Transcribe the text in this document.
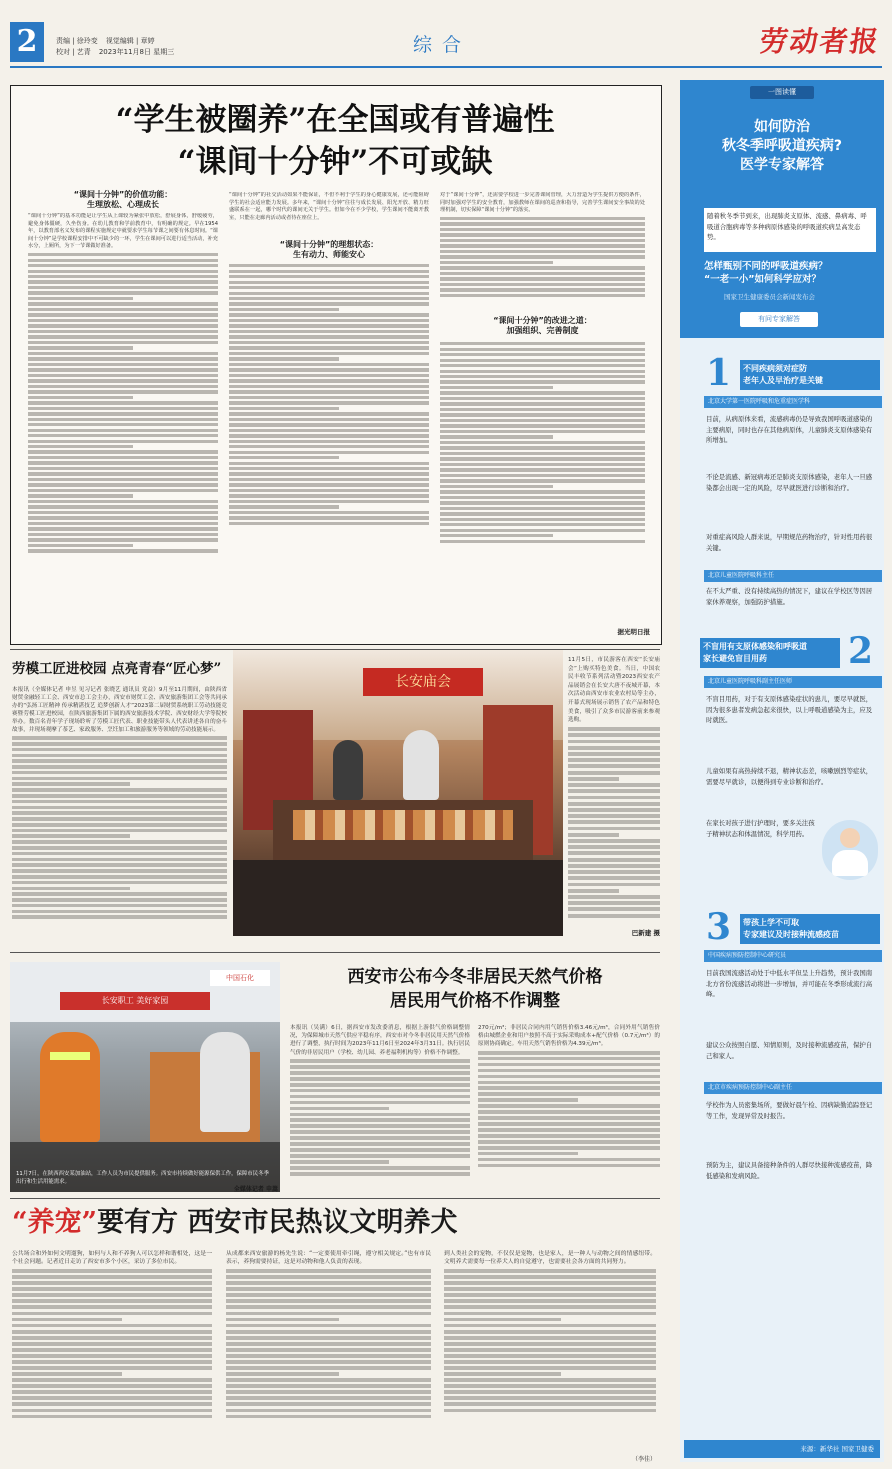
2	责编 | 徐玲变 视觉编辑 | 章婷
校对 | 艺青 2023年11月8日 星期三	综合	劳动者报
“学生被圈养”在全国或有普遍性
“课间十分钟”不可或缺
“课间十分钟”的价值功能：
生理放松、心理成长
“课间十分钟”的基本功能是让学生从上课较为紧张中放松，舒展身体，舒缓疲劳，避免身体僵硬，久坐伤身。在幼儿教育和学前教育中，有明确的规定。早在1954年，以教育部名义发布的课程实施规定中就要求学生每节课之间要有休息时间。“课间十分钟”是学校课程安排中不可缺少的一环，学生在课间可以进行适当活动，补充水分，上厕所，为下一节课做好准备。
“课间十分钟”的社交活动如果不能保证，不但不利于学生的身心健康发展，还可能阻碍学生的社会适应能力发展。多年来，“课间十分钟”往往与成长发展、阳光开放、精力旺盛联系在一起，哪个时代的课间无关于学生。但如今在不少学校，学生课间不能离开教室，只能在走廊内活动或者待在座位上。
“课间十分钟”的理想状态：
生有动力、师能安心
对于“课间十分钟”，还需要学校进一步完善课间管理，大力营造为学生提供方便的条件，同时加强对学生的安全教育，加强教师在课间的巡查和指导，完善学生课间安全事故的处理机制，切实保障“课间十分钟”的落实。
“课间十分钟”的改进之道：
加强组织、完善制度
据光明日报
劳模工匠进校园 点亮青春“匠心梦”
本报讯（全媒体记者 申昱 见习记者 张晓艺 通讯员 党益）9月至11月期间，由陕西省财贸金融轻工工会、西安市总工会主办，西安市财贸工会、西安旅游集团工会等共同承办的“弘扬工匠精神 传承精湛技艺 追梦创新人才”2023第二届财贸系统职工劳动技能竞赛暨劳模工匠进校园，在陕西旅游集团下属的西安旅游技术学院、西安财经大学等院校举办。数百名青年学子现场聆听了劳模工匠代表、职业技能带头人代表讲述各自的奋斗故事，并现场观摩了茶艺、家政服务、烹饪加工和旅游服务等领域的劳动技能展示。
长安庙会
11月5日，市民游客在西安“长安庙会”上购买特色美食。当日，中国农民丰收节系列活动暨2023西安农产品展销会在长安大唐不夜城开幕，本次活动由西安市农业农村局等主办，开幕式现场展示销售了农产品和特色美食，吸引了众多市民游客前来参观选购。
巴新建 摄
长安职工 美好家园
中国石化
11月7日，在陕西西安某加油站，工作人员为市民提供服务。西安市持续做好能源保供工作，保障市民冬季出行和生活用能需求。
全媒体记者 申嵩
西安市公布今冬非居民天然气价格
居民用气价格不作调整
本报讯（吴满）6日，据西安市发改委消息，根据上游供气价格调整情况，为保障城市天然气供应平稳有序，西安市对今冬非居民用天然气价格进行了调整，执行时间为2023年11月6日至2024年3月31日。执行居民气价的非居民用户（学校、幼儿园、养老福利机构等）价格不作调整。
270元/m³；非居民合同内用气销售价格3.46元/m³，合同外用气销售价格由城燃企业和用户按照不高于实际采购成本+配气价格（0.7元/m³）的原则协商确定。车用天然气销售价格为4.39元/m³。
“养宠”要有方 西安市民热议文明养犬
公共场合和外如何文明遛狗，如何与人和不养狗人可以怎样和谐相处，这是一个社会问题。记者近日走访了西安市多个小区，采访了多位市民。
从成都来西安旅游的杨先生说：“一定要使用牵引绳，遵守相关规定。”也有市民表示，养狗需要持证，这是对动物和他人负责的表现。
到人类社会的宠物，不仅仅是宠物，也是家人，是一种人与动物之间的情感纽带。文明养犬需要每一位养犬人的自觉遵守，也需要社会各方面的共同努力。
（李佳）
一图读懂
如何防治
秋冬季呼吸道疾病?
医学专家解答
随着秋冬季节到来，出现肺炎支原体、流感、鼻病毒、呼吸道合胞病毒等多种病原体感染的呼吸道疾病呈高发态势。
怎样甄别不同的呼吸道疾病？
“一老一小”如何科学应对？
国家卫生健康委员会新闻发布会
有问专家解答
1 不同疾病须对症防
老年人及早治疗是关键
北京大学第一医院呼吸和危重症医学科
目前，从病原体来看，流感病毒仍是导致我国呼吸道感染的主要病原，同时也存在其他病原体，儿童肺炎支原体感染有所增加。
不论是流感、新冠病毒还是肺炎支原体感染，老年人一旦感染都会出现一定的风险，尽早就医进行诊断和治疗。
对重症高风险人群来说，早期规范药物治疗，针对性用药很关键。
北京儿童医院呼吸科主任
在不太严重、没有持续高热的情况下，建议在学校区等因居家休养观察，加强防护措施。
不盲用有支原体感染和呼吸道
家长避免盲目用药	2
北京儿童医院呼吸科副主任医师
不盲目用药，对于有支原体感染症状的患儿，要尽早就医，因为很多患者发病急起来很快，以上呼吸道感染为主，应及时就医。
儿童如果有高热持续不退，精神状态差，咳嗽剧烈等症状，需要尽早就诊，以便得到专业诊断和治疗。
在家长对孩子进行护理时，要多关注孩子精神状态和体温情况，科学用药。
3 带孩上学不可取
专家建议及时接种流感疫苗
中国疾病预防控制中心研究员
目前我国流感活动处于中低水平但呈上升趋势，预计我国南北方省份流感活动将进一步增加，并可能在冬季形成流行高峰。
建议公众按照自愿、知情原则，及时接种流感疫苗，保护自己和家人。
北京市疾病预防控制中心副主任
学校作为人员密集场所，要做好晨午检、因病缺勤追踪登记等工作，发现异常及时报告。
预防为主，建议具备接种条件的人群尽快接种流感疫苗，降低感染和发病风险。
来源：新华社 国家卫健委
